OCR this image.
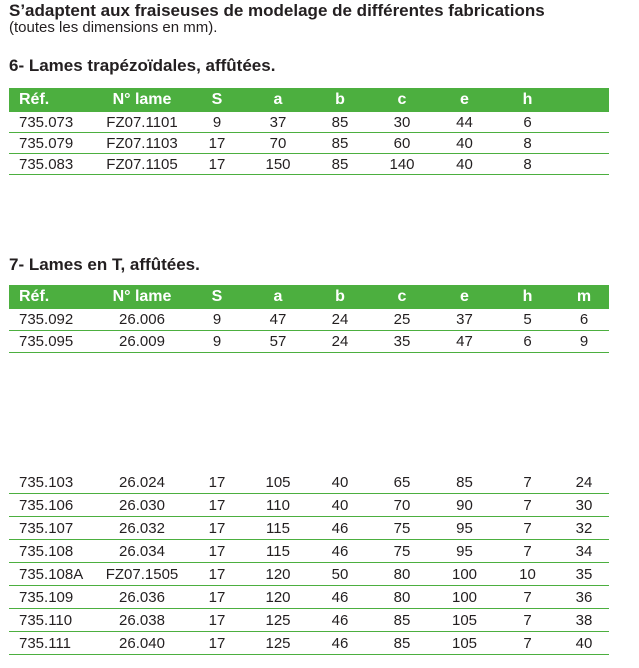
S’adaptent aux fraiseuses de modelage de différentes fabrications
(toutes les dimensions en mm).
6- Lames trapézoïdales, affûtées.
Réf.	N° lame	S	a	b	c	e	h	
735.073	FZ07.1101	9	37	85	30	44	6	
735.079	FZ07.1103	17	70	85	60	40	8	
735.083	FZ07.1105	17	150	85	140	40	8	
7- Lames en T, affûtées.
Réf.	N° lame	S	a	b	c	e	h	m
735.092	26.006	9	47	24	25	37	5	6
735.095	26.009	9	57	24	35	47	6	9
735.103	26.024	17	105	40	65	85	7	24
735.106	26.030	17	110	40	70	90	7	30
735.107	26.032	17	115	46	75	95	7	32
735.108	26.034	17	115	46	75	95	7	34
735.108A	FZ07.1505	17	120	50	80	100	10	35
735.109	26.036	17	120	46	80	100	7	36
735.110	26.038	17	125	46	85	105	7	38
735.111	26.040	17	125	46	85	105	7	40
